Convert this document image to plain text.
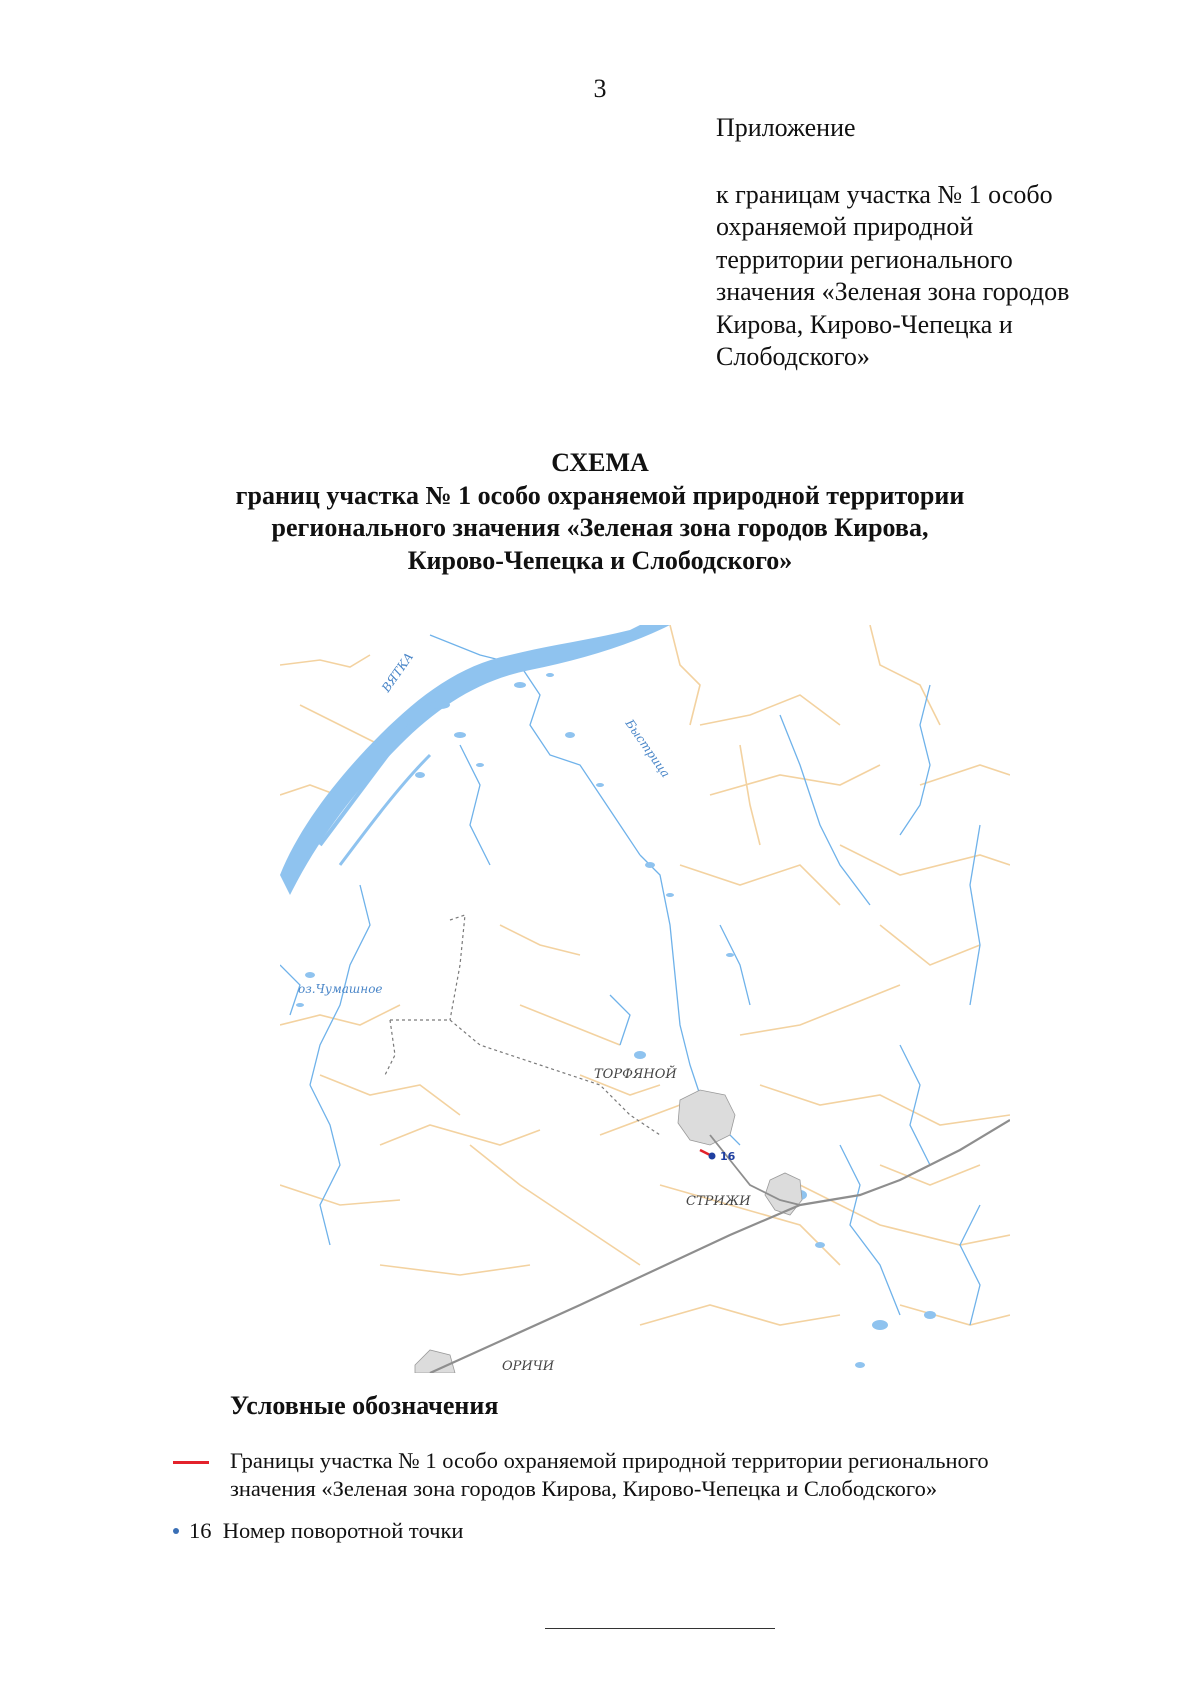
3
Приложение
к границам участка № 1 особо
охраняемой природной
территории регионального
значения «Зеленая зона городов
Кирова, Кирово-Чепецка и
Слободского»
СХЕМА
границ участка № 1 особо охраняемой природной территории
регионального значения «Зеленая зона городов Кирова,
Кирово-Чепецка и Слободского»
ВЯТКА
Быстрица
оз.Чумашное
ТОРФЯНОЙ
СТРИЖИ
ОРИЧИ
16
Условные обозначения
Границы участка № 1 особо охраняемой природной территории регионального
значения «Зеленая зона городов Кирова, Кирово-Чепецка и Слободского»
16 Номер поворотной точки
